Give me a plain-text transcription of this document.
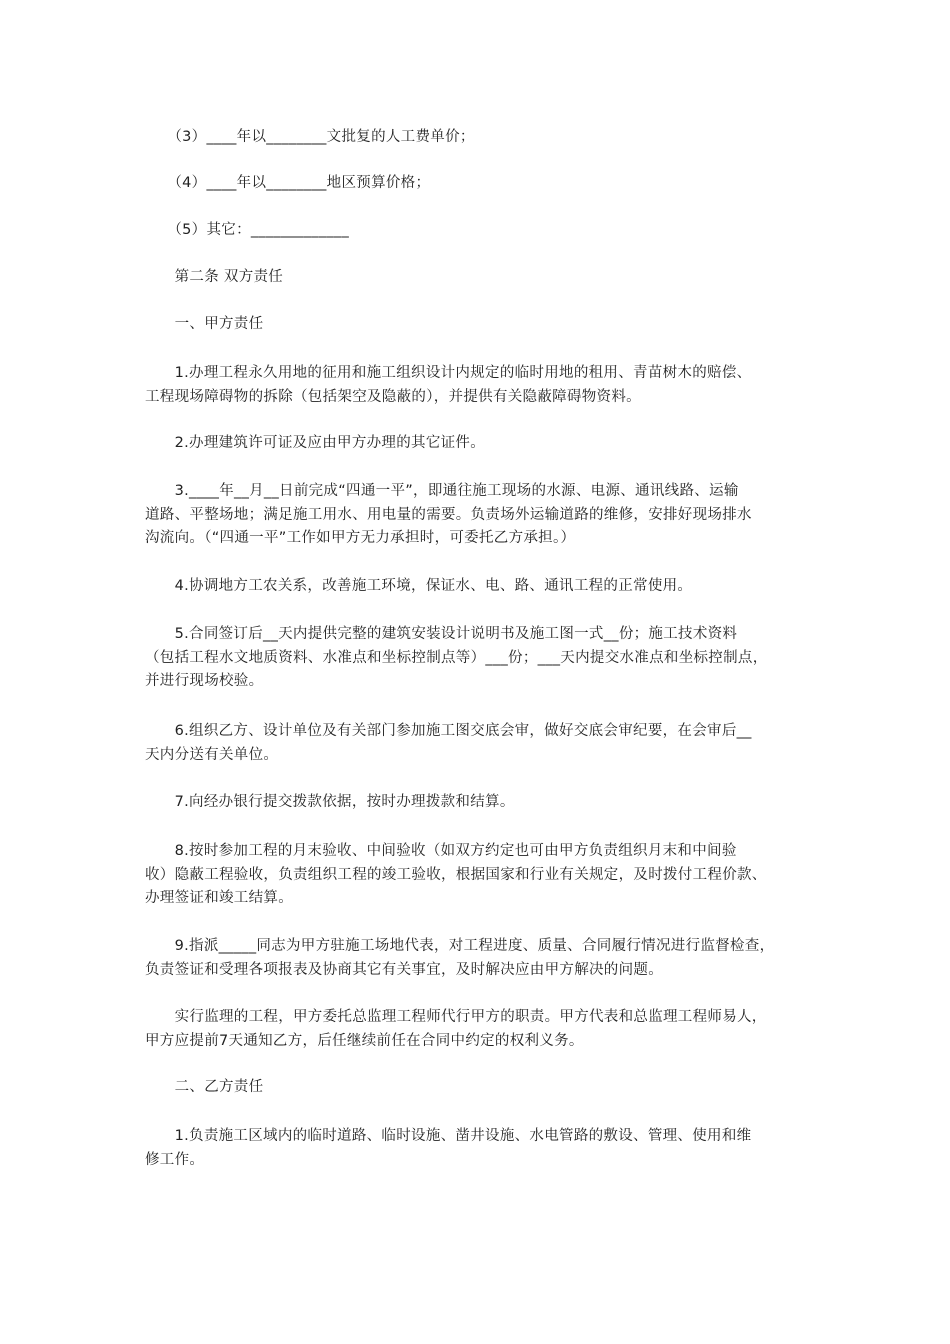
　　（3）____年以________文批复的人工费单价；

　　（4）____年以________地区预算价格；

　　（5）其它：_____________

　　第二条 双方责任

　　一、甲方责任

　　1.办理工程永久用地的征用和施工组织设计内规定的临时用地的租用、青苗树木的赔偿、
工程现场障碍物的拆除（包括架空及隐蔽的），并提供有关隐蔽障碍物资料。

　　2.办理建筑许可证及应由甲方办理的其它证件。

　　3.____年__月__日前完成“四通一平”，即通往施工现场的水源、电源、通讯线路、运输
道路、平整场地；满足施工用水、用电量的需要。负责场外运输道路的维修，安排好现场排水
沟流向。（“四通一平”工作如甲方无力承担时，可委托乙方承担。）

　　4.协调地方工农关系，改善施工环境，保证水、电、路、通讯工程的正常使用。

　　5.合同签订后__天内提供完整的建筑安装设计说明书及施工图一式__份；施工技术资料
（包括工程水文地质资料、水准点和坐标控制点等）___份；___天内提交水准点和坐标控制点，
并进行现场校验。

　　6.组织乙方、设计单位及有关部门参加施工图交底会审，做好交底会审纪要，在会审后__
天内分送有关单位。

　　7.向经办银行提交拨款依据，按时办理拨款和结算。

　　8.按时参加工程的月末验收、中间验收（如双方约定也可由甲方负责组织月末和中间验
收）隐蔽工程验收，负责组织工程的竣工验收，根据国家和行业有关规定，及时拨付工程价款、
办理签证和竣工结算。

　　9.指派_____同志为甲方驻施工场地代表，对工程进度、质量、合同履行情况进行监督检查，
负责签证和受理各项报表及协商其它有关事宜，及时解决应由甲方解决的问题。

　　实行监理的工程，甲方委托总监理工程师代行甲方的职责。甲方代表和总监理工程师易人，
甲方应提前7天通知乙方，后任继续前任在合同中约定的权利义务。

　　二、乙方责任

　　1.负责施工区域内的临时道路、临时设施、凿井设施、水电管路的敷设、管理、使用和维
修工作。
